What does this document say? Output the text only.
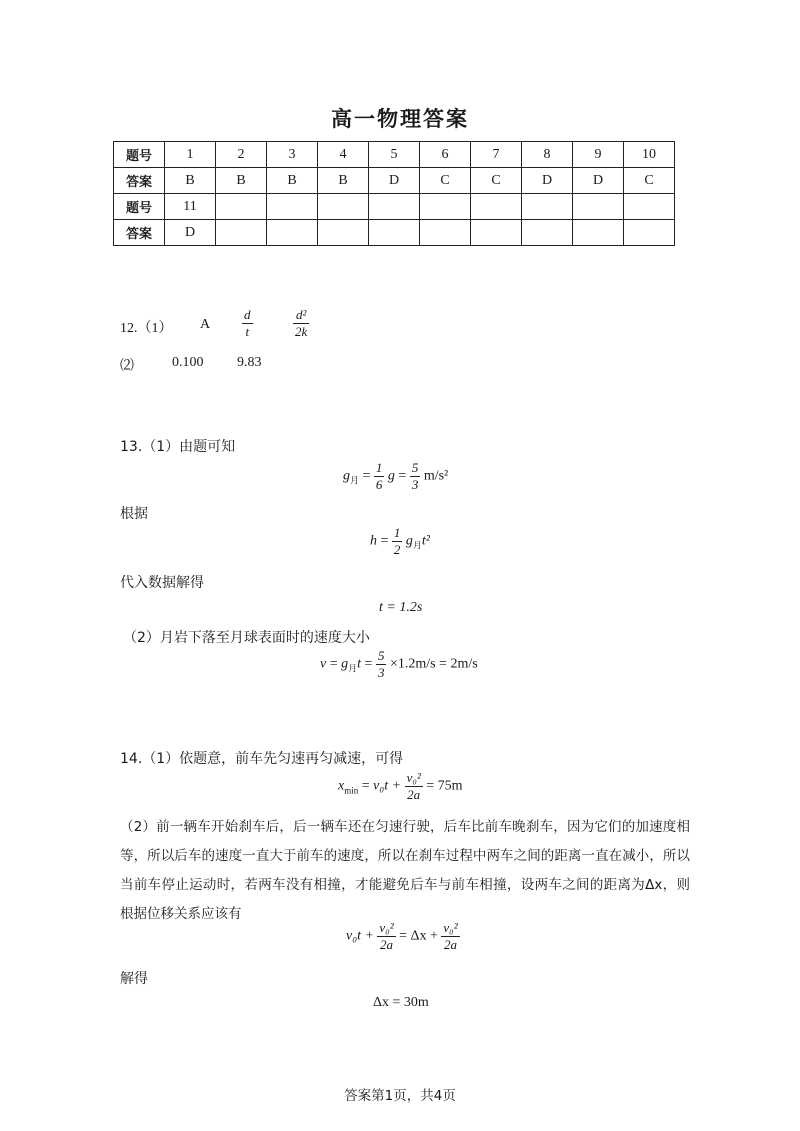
高一物理答案
题号	1	2	3	4	5	6	7	8	9	10
答案	B	B	B	B	D	C	C	D	D	C
题号	11									
答案	D									
12.（1） A $\frac{d}{t}$	$\frac{\text{d²}}{2k}$
⑵	0.100 9.83
13.（1）由题可知
$g_月 = \frac{1}{6}$ $g = \frac{5}{3} m/s^2$
根据
$h = \frac{1}{2} g_月t^2$
代入数据解得
t = 1.2s
（2）月岩下落至月球表面时的速度大小
$v = g_月t = \frac{5}{3} \times 1.2m/s = 2m/s$
14.（1）依题意，前车先匀速再匀减速，可得
$x_{min} = v_0t + \frac{\text{v₀²}}{2a} = 75m$
（2）前一辆车开始刹车后，后一辆车还在匀速行驶，后车比前车晚刹车，因为它们的加速度相等，所以后车的速度一直大于前车的速度，所以在刹车过程中两车之间的距离一直在减小，所以当前车停止运动时，若两车没有相撞，才能避免后车与前车相撞，设两车之间的距离为Δx，则根据位移关系应该有
$v_0t + \frac{\text{v₀²}}{2a} = \Delta x + \frac{\text{v₀²}}{2a}$
解得
Δx = 30m
答案第1页，共4页
